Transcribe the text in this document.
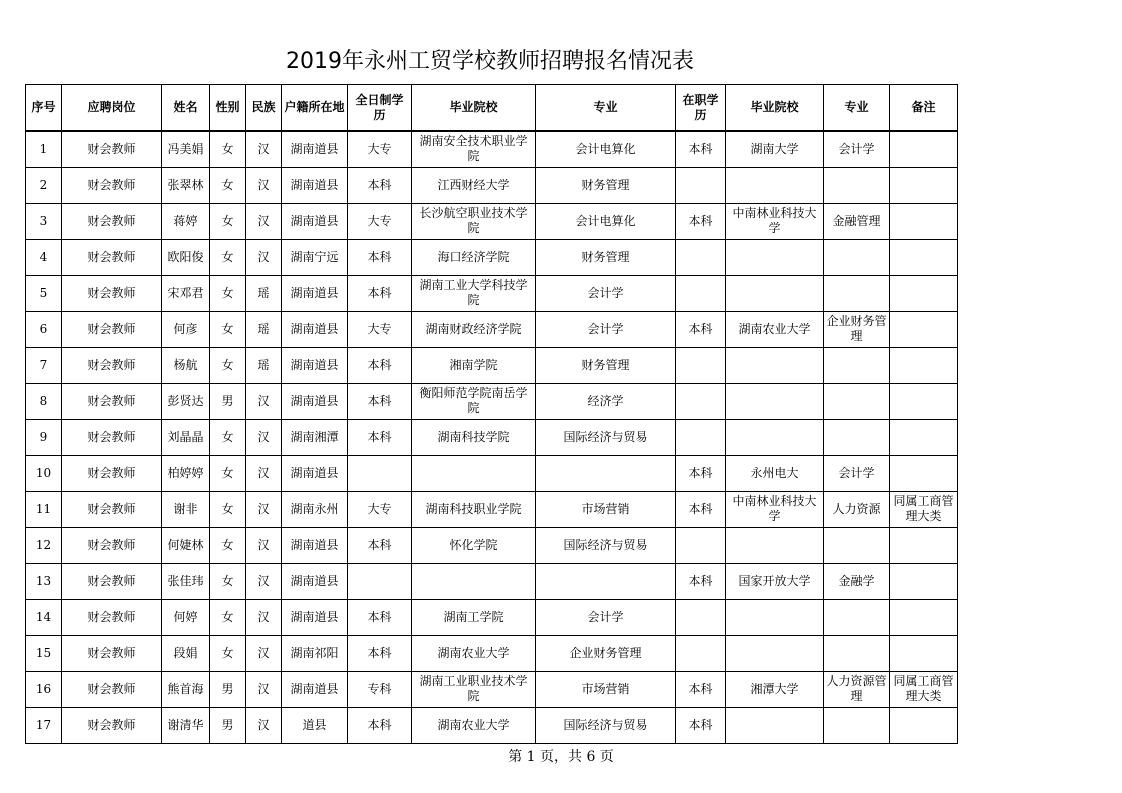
2019年永州工贸学校教师招聘报名情况表
序号	应聘岗位	姓名	性别	民族	户籍所在地	全日制学历	毕业院校	专业	在职学历	毕业院校	专业	备注
1	财会教师	冯美娟	女	汉	湖南道县	大专	湖南安全技术职业学院	会计电算化	本科	湖南大学	会计学	
2	财会教师	张翠林	女	汉	湖南道县	本科	江西财经大学	财务管理				
3	财会教师	蒋婷	女	汉	湖南道县	大专	长沙航空职业技术学院	会计电算化	本科	中南林业科技大学	金融管理	
4	财会教师	欧阳俊	女	汉	湖南宁远	本科	海口经济学院	财务管理				
5	财会教师	宋邓君	女	瑶	湖南道县	本科	湖南工业大学科技学院	会计学				
6	财会教师	何彦	女	瑶	湖南道县	大专	湖南财政经济学院	会计学	本科	湖南农业大学	企业财务管理	
7	财会教师	杨航	女	瑶	湖南道县	本科	湘南学院	财务管理				
8	财会教师	彭贤达	男	汉	湖南道县	本科	衡阳师范学院南岳学院	经济学				
9	财会教师	刘晶晶	女	汉	湖南湘潭	本科	湖南科技学院	国际经济与贸易				
10	财会教师	柏婷婷	女	汉	湖南道县				本科	永州电大	会计学	
11	财会教师	谢非	女	汉	湖南永州	大专	湖南科技职业学院	市场营销	本科	中南林业科技大学	人力资源	同属工商管理大类
12	财会教师	何婕林	女	汉	湖南道县	本科	怀化学院	国际经济与贸易				
13	财会教师	张佳玮	女	汉	湖南道县				本科	国家开放大学	金融学	
14	财会教师	何婷	女	汉	湖南道县	本科	湖南工学院	会计学				
15	财会教师	段娟	女	汉	湖南祁阳	本科	湖南农业大学	企业财务管理				
16	财会教师	熊首海	男	汉	湖南道县	专科	湖南工业职业技术学院	市场营销	本科	湘潭大学	人力资源管理	同属工商管理大类
17	财会教师	谢清华	男	汉	道县	本科	湖南农业大学	国际经济与贸易	本科			
第 1 页，共 6 页
